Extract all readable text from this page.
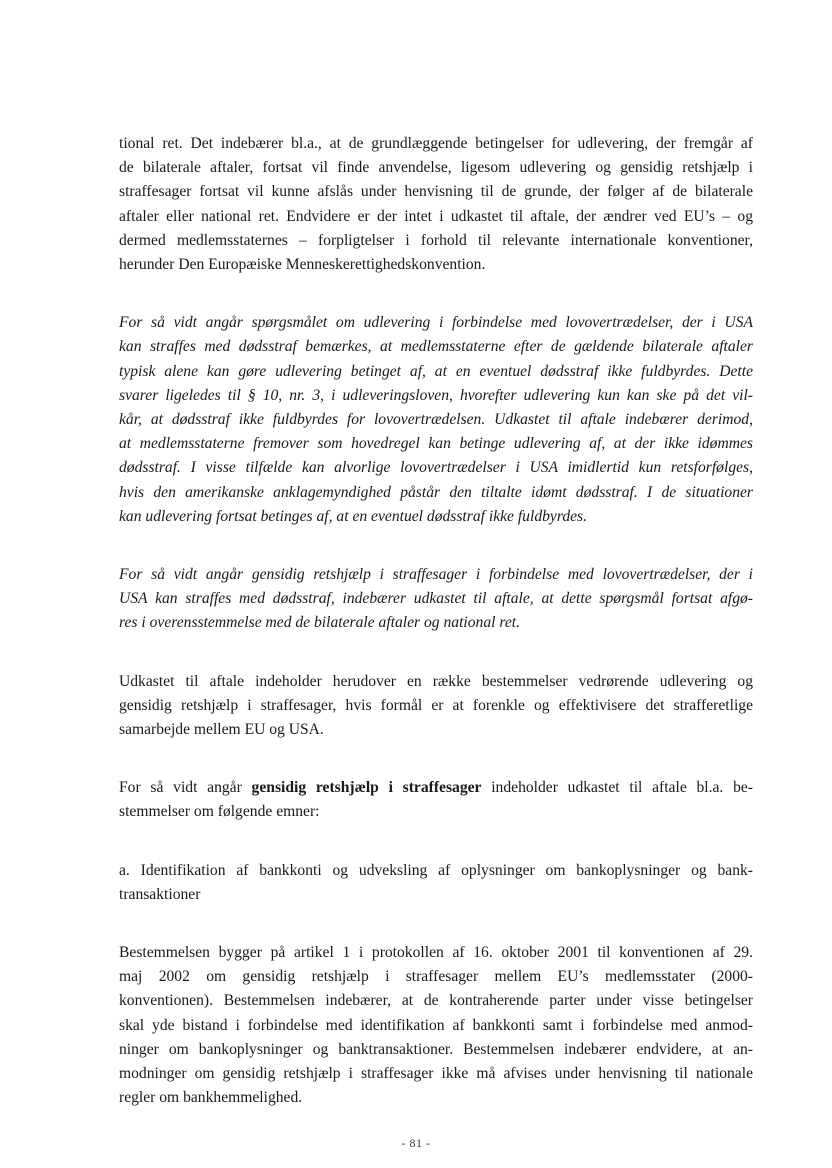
tional ret. Det indebærer bl.a., at de grundlæggende betingelser for udlevering, der fremgår af
de bilaterale aftaler, fortsat vil finde anvendelse, ligesom udlevering og gensidig retshjælp i
straffesager fortsat vil kunne afslås under henvisning til de grunde, der følger af de bilaterale
aftaler eller national ret. Endvidere er der intet i udkastet til aftale, der ændrer ved EU’s – og
dermed medlemsstaternes – forpligtelser i forhold til relevante internationale konventioner,
herunder Den Europæiske Menneskerettighedskonvention.

For så vidt angår spørgsmålet om udlevering i forbindelse med lovovertrædelser, der i USA
kan straffes med dødsstraf bemærkes, at medlemsstaterne efter de gældende bilaterale aftaler
typisk alene kan gøre udlevering betinget af, at en eventuel dødsstraf ikke fuldbyrdes. Dette
svarer ligeledes til § 10, nr. 3, i udleveringsloven, hvorefter udlevering kun kan ske på det vil-
kår, at dødsstraf ikke fuldbyrdes for lovovertrædelsen. Udkastet til aftale indebærer derimod,
at medlemsstaterne fremover som hovedregel kan betinge udlevering af, at der ikke idømmes
dødsstraf. I visse tilfælde kan alvorlige lovovertrædelser i USA imidlertid kun retsforfølges,
hvis den amerikanske anklagemyndighed påstår den tiltalte idømt dødsstraf. I de situationer
kan udlevering fortsat betinges af, at en eventuel dødsstraf ikke fuldbyrdes.

For så vidt angår gensidig retshjælp i straffesager i forbindelse med lovovertrædelser, der i
USA kan straffes med dødsstraf, indebærer udkastet til aftale, at dette spørgsmål fortsat afgø-
res i overensstemmelse med de bilaterale aftaler og national ret.

Udkastet til aftale indeholder herudover en række bestemmelser vedrørende udlevering og
gensidig retshjælp i straffesager, hvis formål er at forenkle og effektivisere det strafferetlige
samarbejde mellem EU og USA.

For så vidt angår gensidig retshjælp i straffesager indeholder udkastet til aftale bl.a. be-
stemmelser om følgende emner:

a. Identifikation af bankkonti og udveksling af oplysninger om bankoplysninger og bank-
transaktioner

Bestemmelsen bygger på artikel 1 i protokollen af 16. oktober 2001 til konventionen af 29.
maj 2002 om gensidig retshjælp i straffesager mellem EU’s medlemsstater (2000-
konventionen). Bestemmelsen indebærer, at de kontraherende parter under visse betingelser
skal yde bistand i forbindelse med identifikation af bankkonti samt i forbindelse med anmod-
ninger om bankoplysninger og banktransaktioner. Bestemmelsen indebærer endvidere, at an-
modninger om gensidig retshjælp i straffesager ikke må afvises under henvisning til nationale
regler om bankhemmelighed.

- 81 -
